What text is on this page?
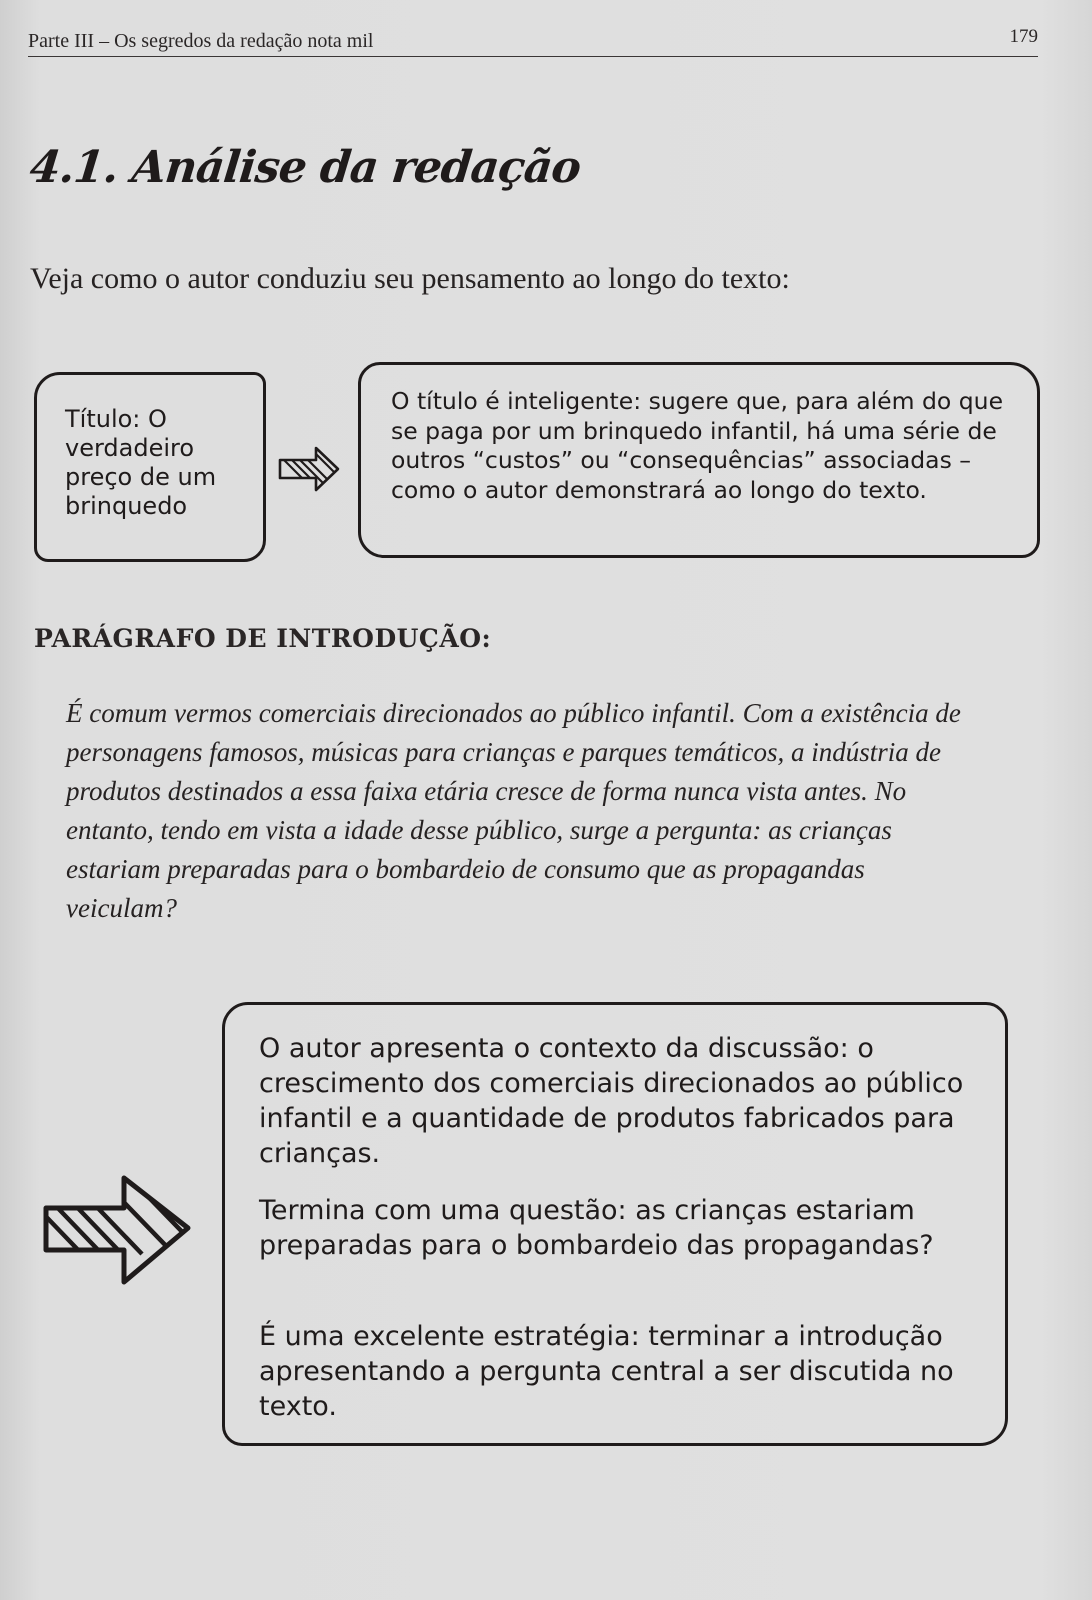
Parte III – Os segredos da redação nota mil	179
4.1. Análise da redação
Veja como o autor conduziu seu pensamento ao longo do texto:
Título: O verdadeiro preço de um brinquedo
O título é inteligente: sugere que, para além do que se paga por um brinquedo infantil, há uma série de outros “custos” ou “consequências” associadas – como o autor demonstrará ao longo do texto.
PARÁGRAFO DE INTRODUÇÃO:
É comum vermos comerciais direcionados ao público infantil. Com a existência de personagens famosos, músicas para crianças e parques temáticos, a indústria de produtos destinados a essa faixa etária cresce de forma nunca vista antes. No entanto, tendo em vista a idade desse público, surge a pergunta: as crianças estariam preparadas para o bombardeio de consumo que as propagandas veiculam?
O autor apresenta o contexto da discussão: o crescimento dos comerciais direcionados ao público infantil e a quantidade de produtos fabricados para crianças.
Termina com uma questão: as crianças estariam preparadas para o bombardeio das propagandas?
É uma excelente estratégia: terminar a introdução apresentando a pergunta central a ser discutida no texto.
